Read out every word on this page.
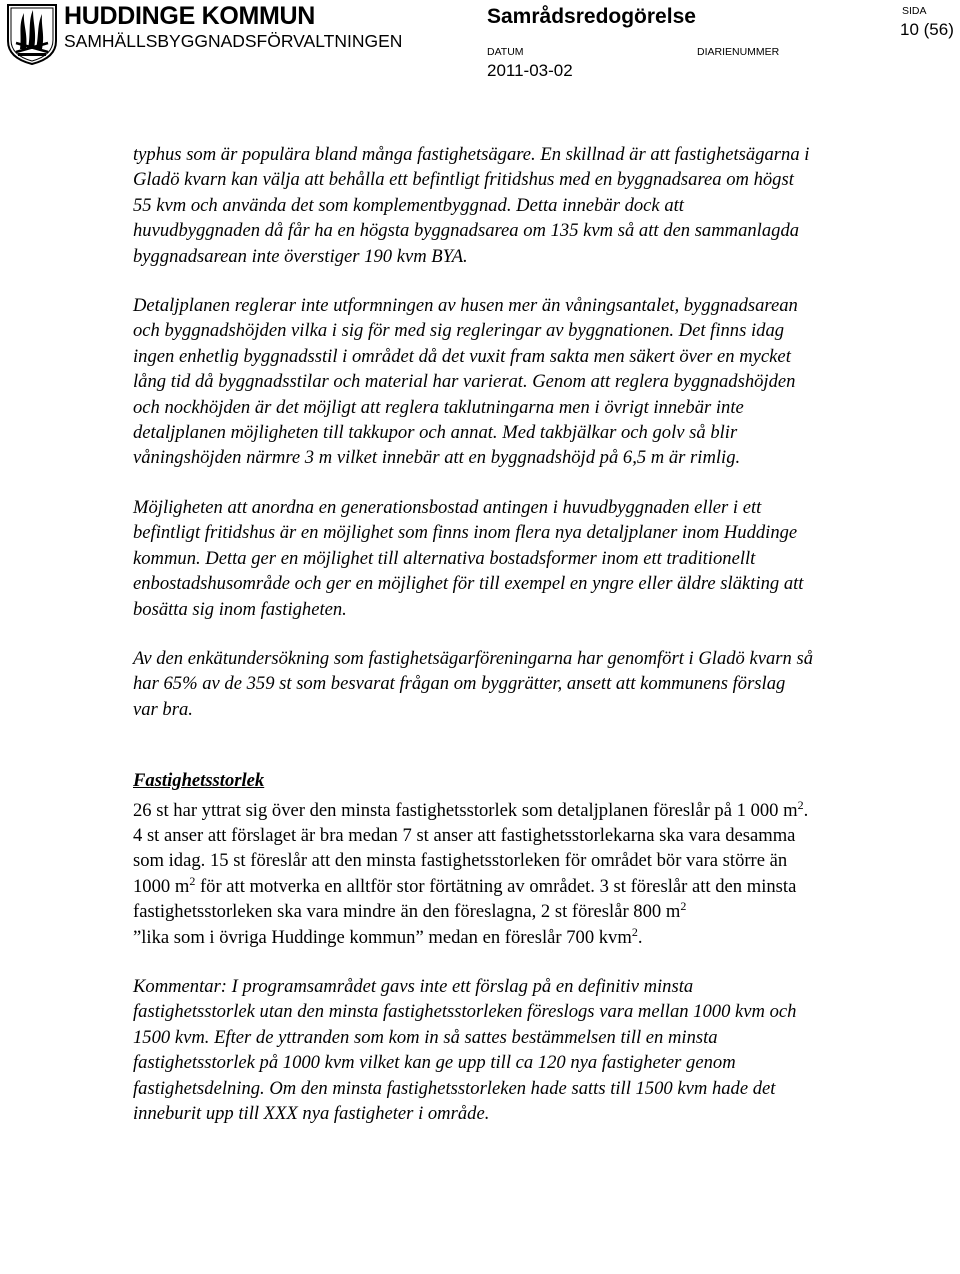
HUDDINGE KOMMUN
SAMHÄLLSBYGGNADSFÖRVALTNINGEN
Samrådsredogörelse
DATUM
2011-03-02
DIARIENUMMER
SIDA
10 (56)

typhus som är populära bland många fastighetsägare. En skillnad är att fastighetsägarna i Gladö kvarn kan välja att behålla ett befintligt fritidshus med en byggnadsarea om högst 55 kvm och använda det som komplementbyggnad. Detta innebär dock att huvudbyggnaden då får ha en högsta byggnadsarea om 135 kvm så att den sammanlagda byggnadsarean inte överstiger 190 kvm BYA.

Detaljplanen reglerar inte utformningen av husen mer än våningsantalet, byggnadsarean och byggnadshöjden vilka i sig för med sig regleringar av byggnationen. Det finns idag ingen enhetlig byggnadsstil i området då det vuxit fram sakta men säkert över en mycket lång tid då byggnadsstilar och material har varierat. Genom att reglera byggnadshöjden och nockhöjden är det möjligt att reglera taklutningarna men i övrigt innebär inte detaljplanen möjligheten till takkupor och annat. Med takbjälkar och golv så blir våningshöjden närmre 3 m vilket innebär att en byggnadshöjd på 6,5 m är rimlig.

Möjligheten att anordna en generationsbostad antingen i huvudbyggnaden eller i ett befintligt fritidshus är en möjlighet som finns inom flera nya detaljplaner inom Huddinge kommun. Detta ger en möjlighet till alternativa bostadsformer inom ett traditionellt enbostadshusområde och ger en möjlighet för till exempel en yngre eller äldre släkting att bosätta sig inom fastigheten.

Av den enkätundersökning som fastighetsägarföreningarna har genomfört i Gladö kvarn så har 65% av de 359 st som besvarat frågan om byggrätter, ansett att kommunens förslag var bra.

Fastighetsstorlek

26 st har yttrat sig över den minsta fastighetsstorlek som detaljplanen föreslår på 1 000 $m^2$. 4 st anser att förslaget är bra medan 7 st anser att fastighetsstorlekarna ska vara desamma som idag. 15 st föreslår att den minsta fastighetsstorleken för området bör vara större än 1000 $m^2$ för att motverka en alltför stor förtätning av området. 3 st föreslår att den minsta fastighetsstorleken ska vara mindre än den föreslagna, 2 st föreslår 800 $m^2$
”lika som i övriga Huddinge kommun” medan en föreslår 700 kvm$^2$.

Kommentar: I programsamrådet gavs inte ett förslag på en definitiv minsta fastighetsstorlek utan den minsta fastighetsstorleken föreslogs vara mellan 1000 kvm och 1500 kvm. Efter de yttranden som kom in så sattes bestämmelsen till en minsta fastighetsstorlek på 1000 kvm vilket kan ge upp till ca 120 nya fastigheter genom fastighetsdelning. Om den minsta fastighetsstorleken hade satts till 1500 kvm hade det inneburit upp till XXX nya fastigheter i område.
